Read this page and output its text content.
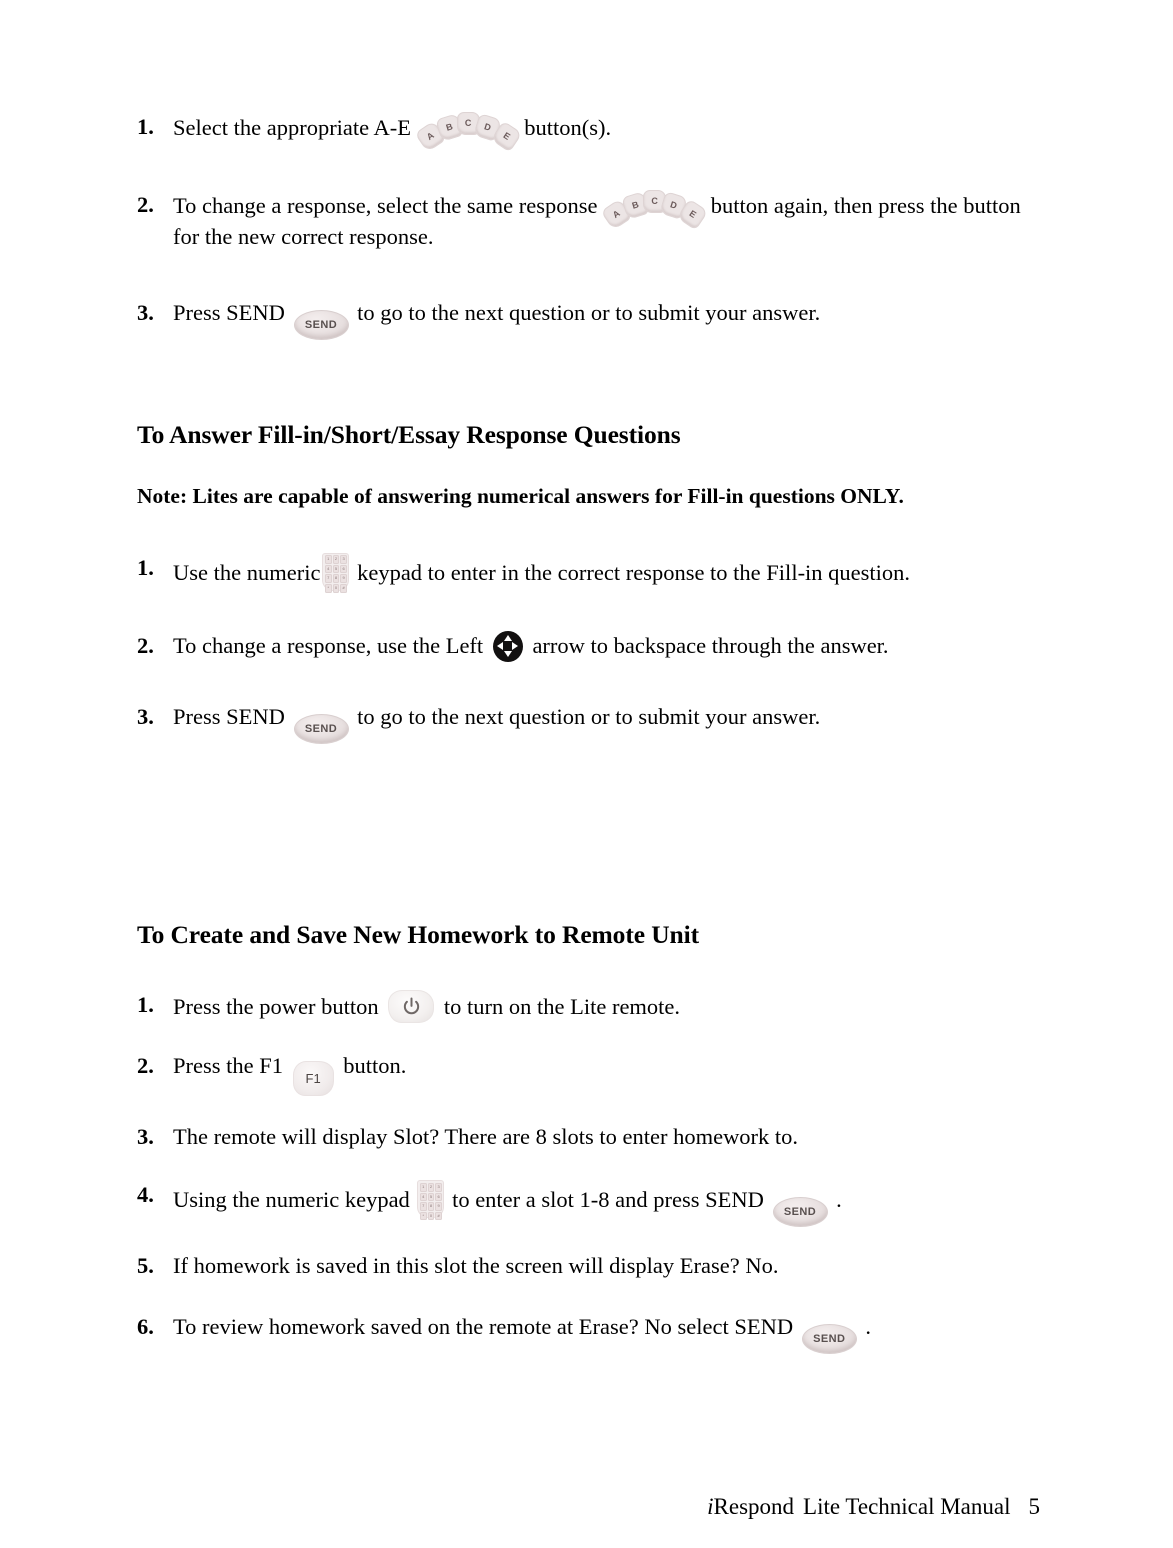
1. Select the appropriate A-E A
B	C	D
E button(s).
2. To change a response, select the same response A
B	C	D
E button again, then press the button for the new correct response.
3. Press SEND SEND to go to the next question or to submit your answer.
To Answer Fill-in/Short/Essay Response Questions

Note: Lites are capable of answering numerical answers for Fill-in questions ONLY.

1. Use the numeric
1	2	3
4	5	6
7	8	9
*	0	#
keypad to enter in the correct response to the Fill-in question.
2. To change a response, use the Left
arrow to backspace through the answer.
3. Press SEND SEND to go to the next question or to submit your answer.
To Create and Save New Homework to Remote Unit
1. Press the power button
to turn on the Lite remote.
2. Press the F1 F1 button.
3. The remote will display Slot? There are 8 slots to enter homework to.
4. Using the numeric keypad
1	2	3
4	5	6
7	8	9
*	0	#
to enter a slot 1-8 and press SEND SEND .
5. If homework is saved in this slot the screen will display Erase? No.
6. To review homework saved on the remote at Erase? No select SEND SEND .
iRespond Lite Technical Manual 5
